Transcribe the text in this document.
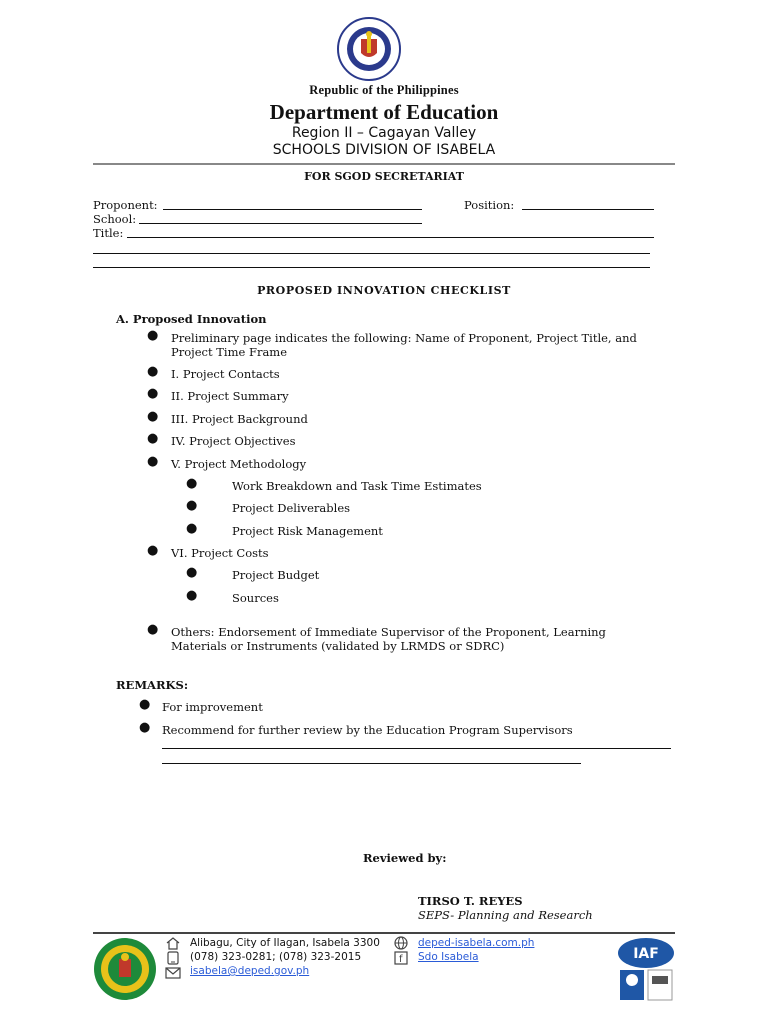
Republic of the Philippines
Department of Education
Region II – Cagayan Valley
SCHOOLS DIVISION OF ISABELA
FOR SGOD SECRETARIAT
Proponent:	Position:
School:
Title:
PROPOSED INNOVATION CHECKLIST
A. Proposed Innovation
● Preliminary page indicates the following: Name of Proponent, Project Title, and
Project Time Frame
● I. Project Contacts
● II. Project Summary
● III. Project Background
● IV. Project Objectives
● V. Project Methodology
●	Work Breakdown and Task Time Estimates
●	Project Deliverables
●	Project Risk Management
● VI. Project Costs
●	Project Budget
●	Sources
● Others: Endorsement of Immediate Supervisor of the Proponent, Learning
Materials or Instruments (validated by LRMDS or SDRC)
REMARKS:
● For improvement
● Recommend for further review by the Education Program Supervisors
Reviewed by:
TIRSO T. REYES
SEPS- Planning and Research
Alibagu, City of Ilagan, Isabela 3300
(078) 323-0281; (078) 323-2015
isabela@deped.gov.ph
f
deped-isabela.com.ph
Sdo Isabela	IAF
